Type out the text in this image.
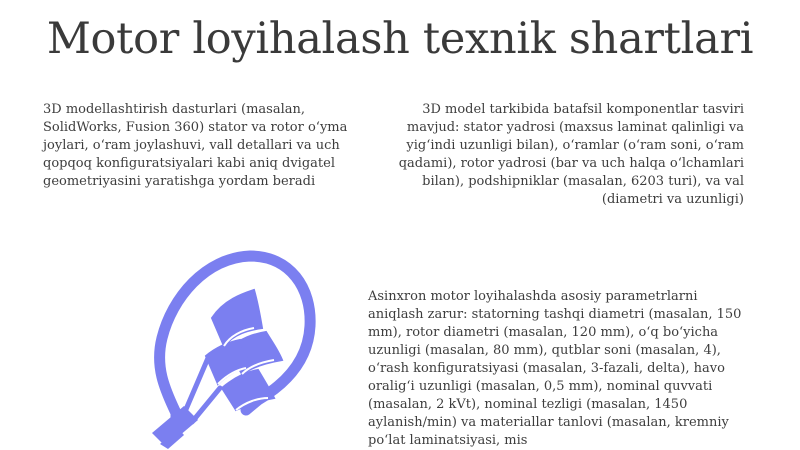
Motor loyihalash texnik shartlari

3D modellashtirish dasturlari (masalan, SolidWorks, Fusion 360) stator va rotor o‘yma joylari, o‘ram joylashuvi, vall detallari va uch qopqoq konfiguratsiyalari kabi aniq dvigatel geometriyasini yaratishga yordam beradi

3D model tarkibida batafsil komponentlar tasviri mavjud: stator yadrosi (maxsus laminat qalinligi va yig‘indi uzunligi bilan), o‘ramlar (o‘ram soni, o‘ram qadami), rotor yadrosi (bar va uch halqa o‘lchamlari bilan), podshipniklar (masalan, 6203 turi), va val (diametri va uzunligi)

Asinxron motor loyihalashda asosiy parametrlarni aniqlash zarur: statorning tashqi diametri (masalan, 150 mm), rotor diametri (masalan, 120 mm), o‘q bo‘yicha uzunligi (masalan, 80 mm), qutblar soni (masalan, 4), o‘rash konfiguratsiyasi (masalan, 3-fazali, delta), havo oralig‘i uzunligi (masalan, 0,5 mm), nominal quvvati (masalan, 2 kVt), nominal tezligi (masalan, 1450 aylanish/min) va materiallar tanlovi (masalan, kremniy po‘lat laminatsiyasi, mis
